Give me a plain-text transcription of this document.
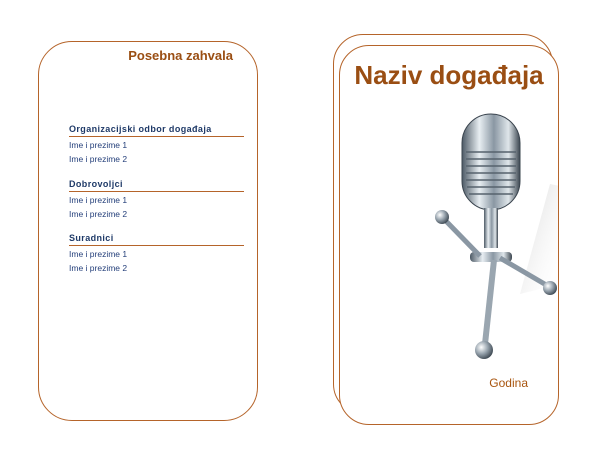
Posebna zahvala
Organizacijski odbor događaja
Ime i prezime 1
Ime i prezime 2
Dobrovoljci
Ime i prezime 1
Ime i prezime 2
Suradnici
Ime i prezime 1
Ime i prezime 2
Naziv događaja
Godina
